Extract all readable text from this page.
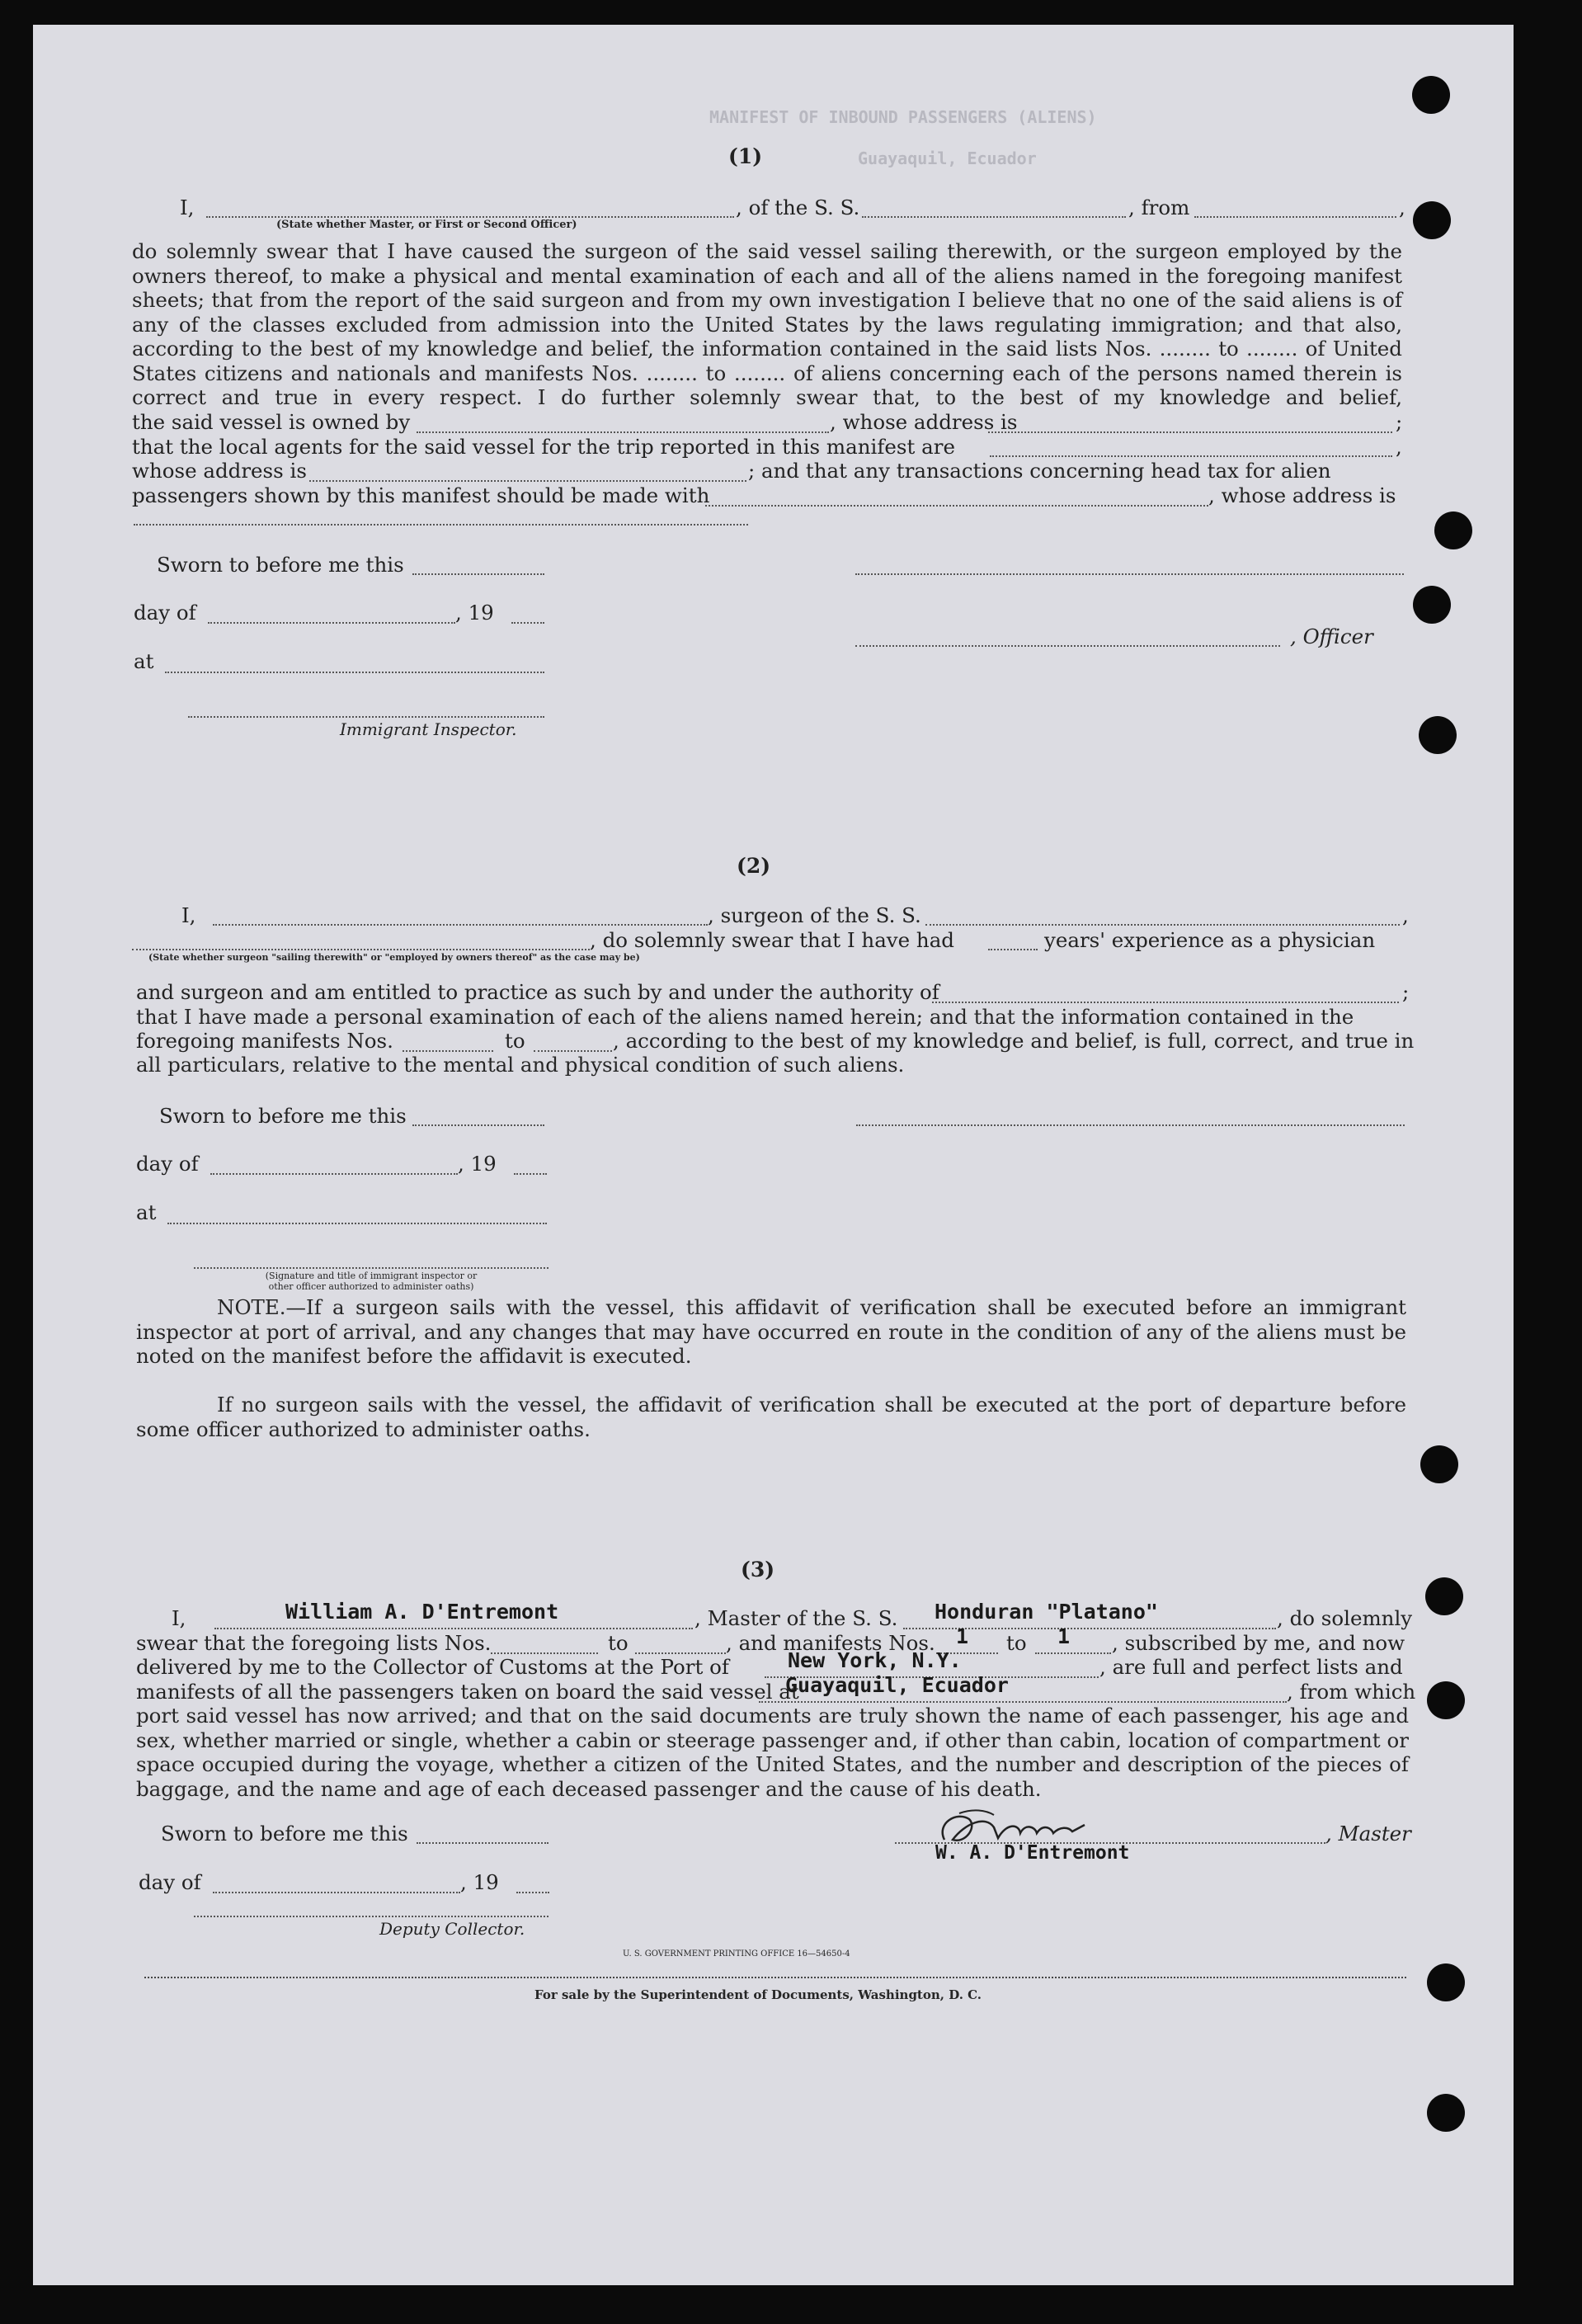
MANIFEST OF INBOUND PASSENGERS (ALIENS)
Guayaquil, Ecuador
(1)
I,	, of the S. S.	, from	,
(State whether Master, or First or Second Officer)
do solemnly swear that I have caused the surgeon of the said vessel sailing therewith, or the surgeon employed by the owners thereof, to make a physical and mental examination of each and all of the aliens named in the foregoing manifest sheets; that from the report of the said surgeon and from my own investigation I believe that no one of the said aliens is of any of the classes excluded from admission into the United States by the laws regulating immigration; and that also, according to the best of my knowledge and belief, the information contained in the said lists Nos. ........ to ........ of United States citizens and nationals and manifests Nos. ........ to ........ of aliens concerning each of the persons named therein is correct and true in every respect. I do further solemnly swear that, to the best of my knowledge and belief,
the said vessel is owned by	, whose address is	;
that the local agents for the said vessel for the trip reported in this manifest are	,
whose address is	; and that any transactions concerning head tax for alien
passengers shown by this manifest should be made with	, whose address is
Sworn to before me this
day of	, 19
, Officer
at
Immigrant Inspector.
(2)
I,	, surgeon of the S. S.	,
, do solemnly swear that I have had	years' experience as a physician
(State whether surgeon "sailing therewith" or "employed by owners thereof" as the case may be)
and surgeon and am entitled to practice as such by and under the authority of	;
that I have made a personal examination of each of the aliens named herein; and that the information contained in the
foregoing manifests Nos.	to	, according to the best of my knowledge and belief, is full, correct, and true in
all particulars, relative to the mental and physical condition of such aliens.
Sworn to before me this
day of	, 19
at
(Signature and title of immigrant inspector or
other officer authorized to administer oaths)
NOTE.—If a surgeon sails with the vessel, this affidavit of verification shall be executed before an immigrant inspector at port of arrival, and any changes that may have occurred en route in the condition of any of the aliens must be noted on the manifest before the affidavit is executed.
If no surgeon sails with the vessel, the affidavit of verification shall be executed at the port of departure before some officer authorized to administer oaths.
(3)
I,	William A. D'Entremont	, Master of the S. S. Honduran "Platano"	, do solemnly
swear that the foregoing lists Nos.	to	, and manifests Nos. 1 to 1 , subscribed by me, and now
delivered by me to the Collector of Customs at the Port of	New York, N.Y.	, are full and perfect lists and
manifests of all the passengers taken on board the said vessel at
Guayaquil, Ecuador	, from which
port said vessel has now arrived; and that on the said documents are truly shown the name of each passenger, his age and sex, whether married or single, whether a cabin or steerage passenger and, if other than cabin, location of compartment or space occupied during the voyage, whether a citizen of the United States, and the number and description of the pieces of baggage, and the name and age of each deceased passenger and the cause of his death.
Sworn to before me this	, Master
W. A. D'Entremont
day of	, 19
Deputy Collector.
U. S. GOVERNMENT PRINTING OFFICE 16—54650-4
For sale by the Superintendent of Documents, Washington, D. C.
